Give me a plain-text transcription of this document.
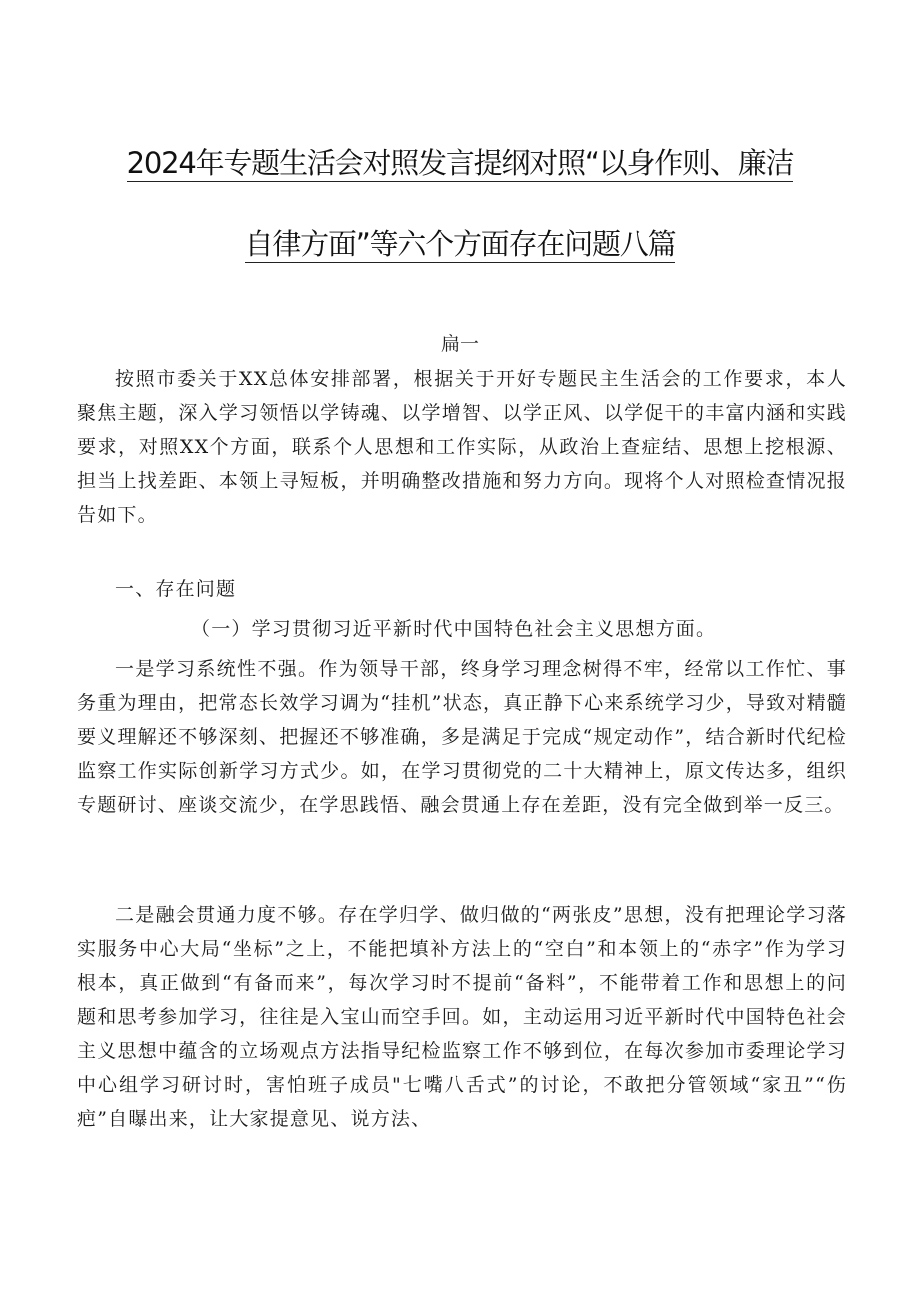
2024年专题生活会对照发言提纲对照“以身作则、廉洁
自律方面”等六个方面存在问题八篇
扁一

按照市委关于XX总体安排部署，根据关于开好专题民主生活会的工作要求，本人聚焦主题，深入学习领悟以学铸魂、以学增智、以学正风、以学促干的丰富内涵和实践要求，对照XX个方面，联系个人思想和工作实际，从政治上查症结、思想上挖根源、担当上找差距、本领上寻短板，并明确整改措施和努力方向。现将个人对照检查情况报告如下。

一、存在问题
（一）学习贯彻习近平新时代中国特色社会主义思想方面。

一是学习系统性不强。作为领导干部，终身学习理念树得不牢，经常以工作忙、事务重为理由，把常态长效学习调为“挂机”状态，真正静下心来系统学习少，导致对精髓要义理解还不够深刻、把握还不够准确，多是满足于完成“规定动作”，结合新时代纪检监察工作实际创新学习方式少。如，在学习贯彻党的二十大精神上，原文传达多，组织专题研讨、座谈交流少，在学思践悟、融会贯通上存在差距，没有完全做到举一反三。

二是融会贯通力度不够。存在学归学、做归做的“两张皮”思想，没有把理论学习落实服务中心大局“坐标”之上，不能把填补方法上的“空白”和本领上的“赤字”作为学习根本，真正做到“有备而来”，每次学习时不提前“备料”，不能带着工作和思想上的问题和思考参加学习，往往是入宝山而空手回。如，主动运用习近平新时代中国特色社会主义思想中蕴含的立场观点方法指导纪检监察工作不够到位，在每次参加市委理论学习中心组学习研讨时，害怕班子成员"七嘴八舌式”的讨论，不敢把分管领域“家丑”“伤疤”自曝出来，让大家提意见、说方法、
